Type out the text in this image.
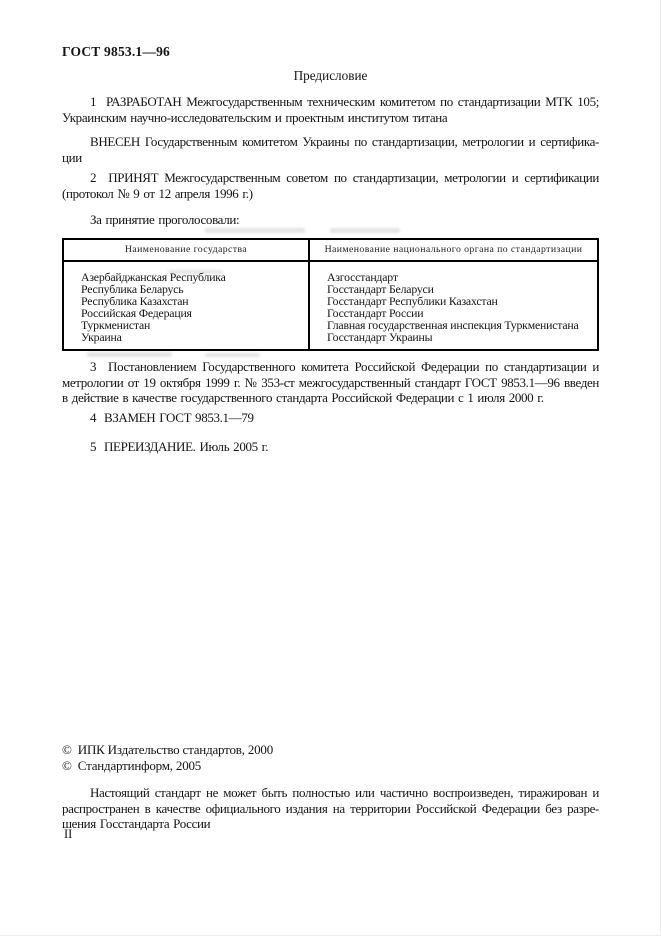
ГОСТ 9853.1—96
Предисловие
1  РАЗРАБОТАН Межгосударственным техническим комитетом по стандартизации МТК 105;
Украинским научно-исследовательским и проектным институтом титана
ВНЕСЕН Государственным комитетом Украины по стандартизации, метрологии и сертифика-
ции
2  ПРИНЯТ Межгосударственным советом по стандартизации, метрологии и сертификации
(протокол № 9 от 12 апреля 1996 г.)
За принятие проголосовали:
Наименование государства	Наименование национального органа по стандартизации
Азербайджанская Республика	Азгосстандарт
Республика Беларусь	Госстандарт Беларуси
Республика Казахстан	Госстандарт Республики Казахстан
Российская Федерация	Госстандарт России
Туркменистан	Главная государственная инспекция Туркменистана
Украина	Госстандарт Украины
3  Постановлением Государственного комитета Российской Федерации по стандартизации и
метрологии от 19 октября 1999 г. № 353-ст межгосударственный стандарт ГОСТ 9853.1—96 введен
в действие в качестве государственного стандарта Российской Федерации с 1 июля 2000 г.
4  ВЗАМЕН ГОСТ 9853.1—79
5  ПЕРЕИЗДАНИЕ. Июль 2005 г.
©  ИПК Издательство стандартов, 2000
©  Стандартинформ, 2005
Настоящий стандарт не может быть полностью или частично воспроизведен, тиражирован и
распространен в качестве официального издания на территории Российской Федерации без разре-
шения Госстандарта России
II
